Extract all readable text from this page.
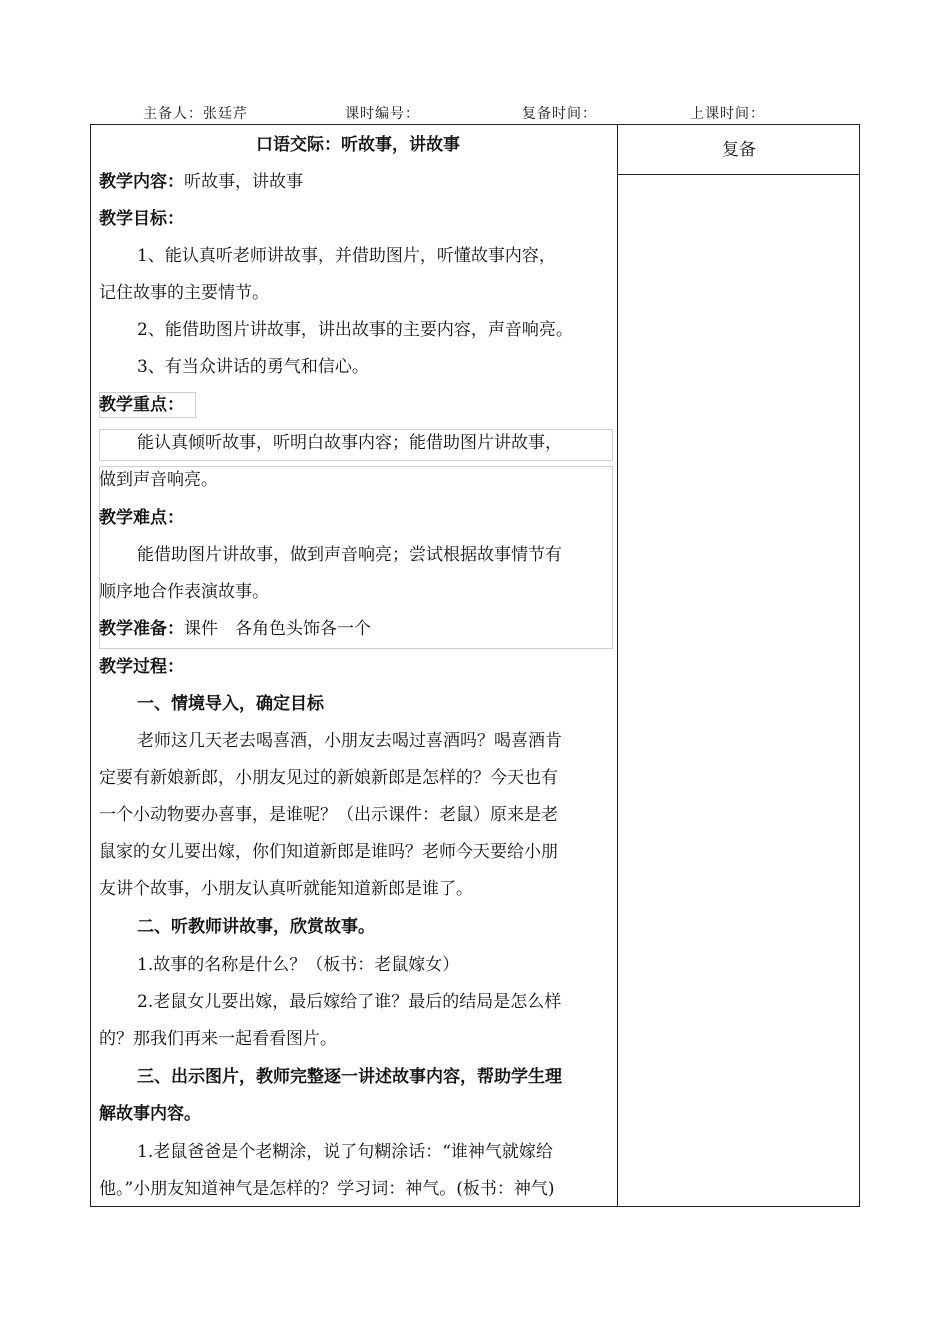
主备人：张廷芹	课时编号：	复备时间：	上课时间：
口语交际：听故事，讲故事
教学内容：听故事，讲故事
教学目标：
1、能认真听老师讲故事，并借助图片，听懂故事内容，
记住故事的主要情节。
2、能借助图片讲故事，讲出故事的主要内容，声音响亮。
3、有当众讲话的勇气和信心。
教学重点：
能认真倾听故事，听明白故事内容；能借助图片讲故事，
做到声音响亮。
教学难点：
能借助图片讲故事，做到声音响亮；尝试根据故事情节有
顺序地合作表演故事。
教学准备：课件　各角色头饰各一个
教学过程：
一、情境导入，确定目标
老师这几天老去喝喜酒，小朋友去喝过喜酒吗？喝喜酒肯
定要有新娘新郎，小朋友见过的新娘新郎是怎样的？今天也有
一个小动物要办喜事，是谁呢？（出示课件：老鼠）原来是老
鼠家的女儿要出嫁，你们知道新郎是谁吗？老师今天要给小朋
友讲个故事，小朋友认真听就能知道新郎是谁了。
二、听教师讲故事，欣赏故事。
1.故事的名称是什么？（板书：老鼠嫁女）
2.老鼠女儿要出嫁，最后嫁给了谁？最后的结局是怎么样
的？那我们再来一起看看图片。
三、出示图片，教师完整逐一讲述故事内容，帮助学生理
解故事内容。
1.老鼠爸爸是个老糊涂，说了句糊涂话：“谁神气就嫁给
他。”小朋友知道神气是怎样的？学习词：神气。(板书：神气)
复备
